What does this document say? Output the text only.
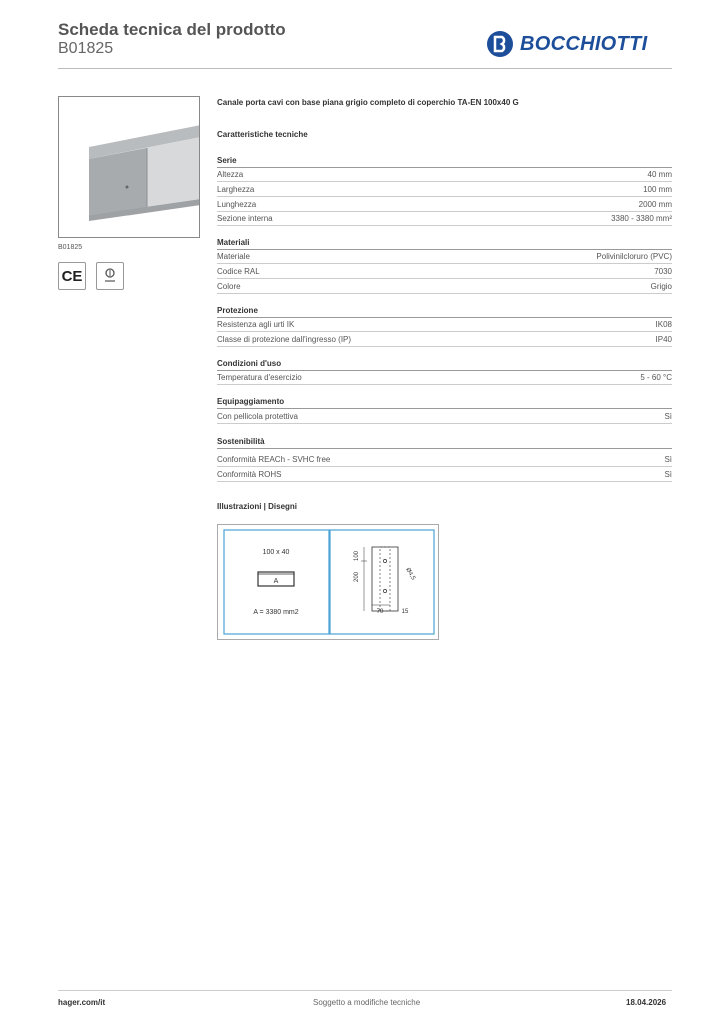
Scheda tecnica del prodotto
B01825	BOCCHIOTTI
B01825
CE
Canale porta cavi con base piana grigio completo di coperchio TA-EN 100x40 G
Caratteristiche tecniche
Serie
Altezza	40 mm
Larghezza	100 mm
Lunghezza	2000 mm
Sezione interna	3380 - 3380 mm²
Materiali
Materiale	Polivinilcloruro (PVC)
Codice RAL	7030
Colore	Grigio
Protezione
Resistenza agli urti IK	IK08
Classe di protezione dall'ingresso (IP)	IP40
Condizioni d'uso
Temperatura d'esercizio	5 - 60 °C
Equipaggiamento
Con pellicola protettiva	Sì
Sostenibilità
Conformità REACh - SVHC free	Sì
Conformità ROHS	Sì
Illustrazioni | Disegni
100 x 40
A
A = 3380 mm2
100
200	Ø4,5
70	15
hager.com/it	Soggetto a modifiche tecniche	18.04.2026
